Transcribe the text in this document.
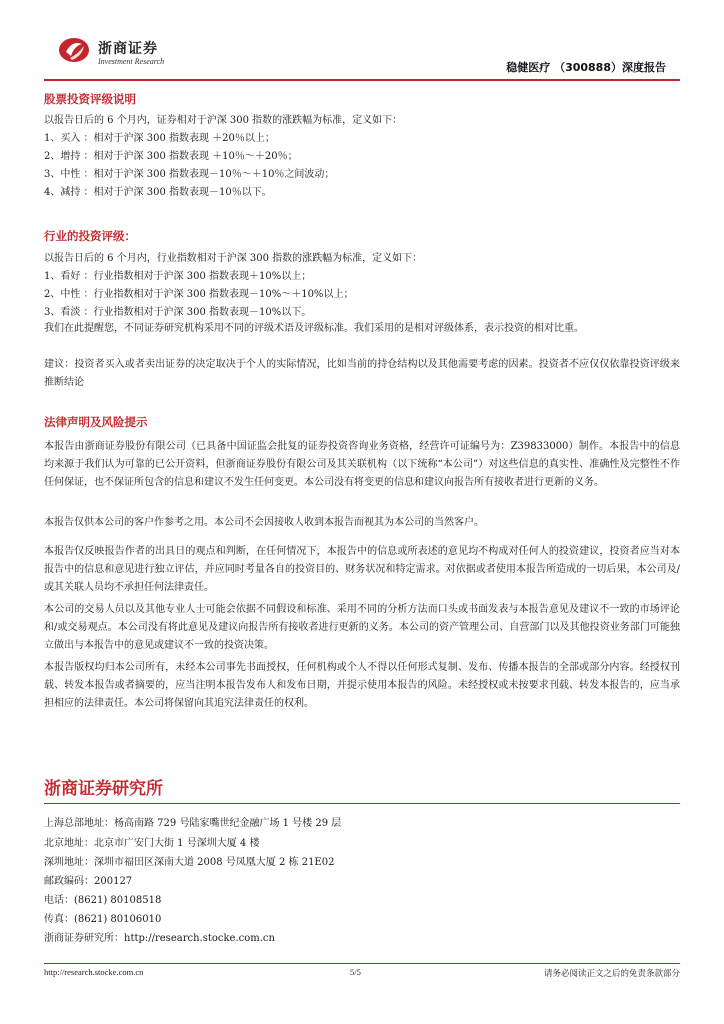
浙商证券
Investment Research	稳健医疗 （300888）深度报告
股票投资评级说明
以报告日后的 6 个月内，证券相对于沪深 300 指数的涨跌幅为标准，定义如下：
1、买入 ：相对于沪深 300 指数表现 ＋20％以上；
2、增持 ：相对于沪深 300 指数表现 ＋10％～＋20％；
3、中性 ：相对于沪深 300 指数表现－10％～＋10％之间波动；
4、减持 ：相对于沪深 300 指数表现－10％以下。
行业的投资评级：
以报告日后的 6 个月内，行业指数相对于沪深 300 指数的涨跌幅为标准，定义如下：
1、看好 ：行业指数相对于沪深 300 指数表现＋10%以上；
2、中性 ：行业指数相对于沪深 300 指数表现－10%～＋10%以上；
3、看淡 ：行业指数相对于沪深 300 指数表现－10%以下。
我们在此提醒您，不同证券研究机构采用不同的评级术语及评级标准。我们采用的是相对评级体系，表示投资的相对比重。
建议：投资者买入或者卖出证券的决定取决于个人的实际情况，比如当前的持仓结构以及其他需要考虑的因素。投资者不应仅仅依靠投资评级来推断结论
法律声明及风险提示
本报告由浙商证券股份有限公司（已具备中国证监会批复的证券投资咨询业务资格，经营许可证编号为：Z39833000）制作。本报告中的信息均来源于我们认为可靠的已公开资料，但浙商证券股份有限公司及其关联机构（以下统称“本公司”）对这些信息的真实性、准确性及完整性不作任何保证，也不保证所包含的信息和建议不发生任何变更。本公司没有将变更的信息和建议向报告所有接收者进行更新的义务。
本报告仅供本公司的客户作参考之用。本公司不会因接收人收到本报告而视其为本公司的当然客户。
本报告仅反映报告作者的出具日的观点和判断，在任何情况下，本报告中的信息或所表述的意见均不构成对任何人的投资建议，投资者应当对本报告中的信息和意见进行独立评估，并应同时考量各自的投资目的、财务状况和特定需求。对依据或者使用本报告所造成的一切后果，本公司及/或其关联人员均不承担任何法律责任。
本公司的交易人员以及其他专业人士可能会依据不同假设和标准、采用不同的分析方法而口头或书面发表与本报告意见及建议不一致的市场评论和/或交易观点。本公司没有将此意见及建议向报告所有接收者进行更新的义务。本公司的资产管理公司、自营部门以及其他投资业务部门可能独立做出与本报告中的意见或建议不一致的投资决策。
本报告版权均归本公司所有，未经本公司事先书面授权，任何机构或个人不得以任何形式复制、发布、传播本报告的全部或部分内容。经授权刊载、转发本报告或者摘要的，应当注明本报告发布人和发布日期，并提示使用本报告的风险。未经授权或未按要求刊载、转发本报告的，应当承担相应的法律责任。本公司将保留向其追究法律责任的权利。
浙商证券研究所
上海总部地址：杨高南路 729 号陆家嘴世纪金融广场 1 号楼 29 层
北京地址：北京市广安门大街 1 号深圳大厦 4 楼
深圳地址：深圳市福田区深南大道 2008 号凤凰大厦 2 栋 21E02
邮政编码：200127
电话：(8621) 80108518
传真：(8621) 80106010
浙商证券研究所：http://research.stocke.com.cn
http://research.stocke.com.cn	5/5	请务必阅读正文之后的免责条款部分
